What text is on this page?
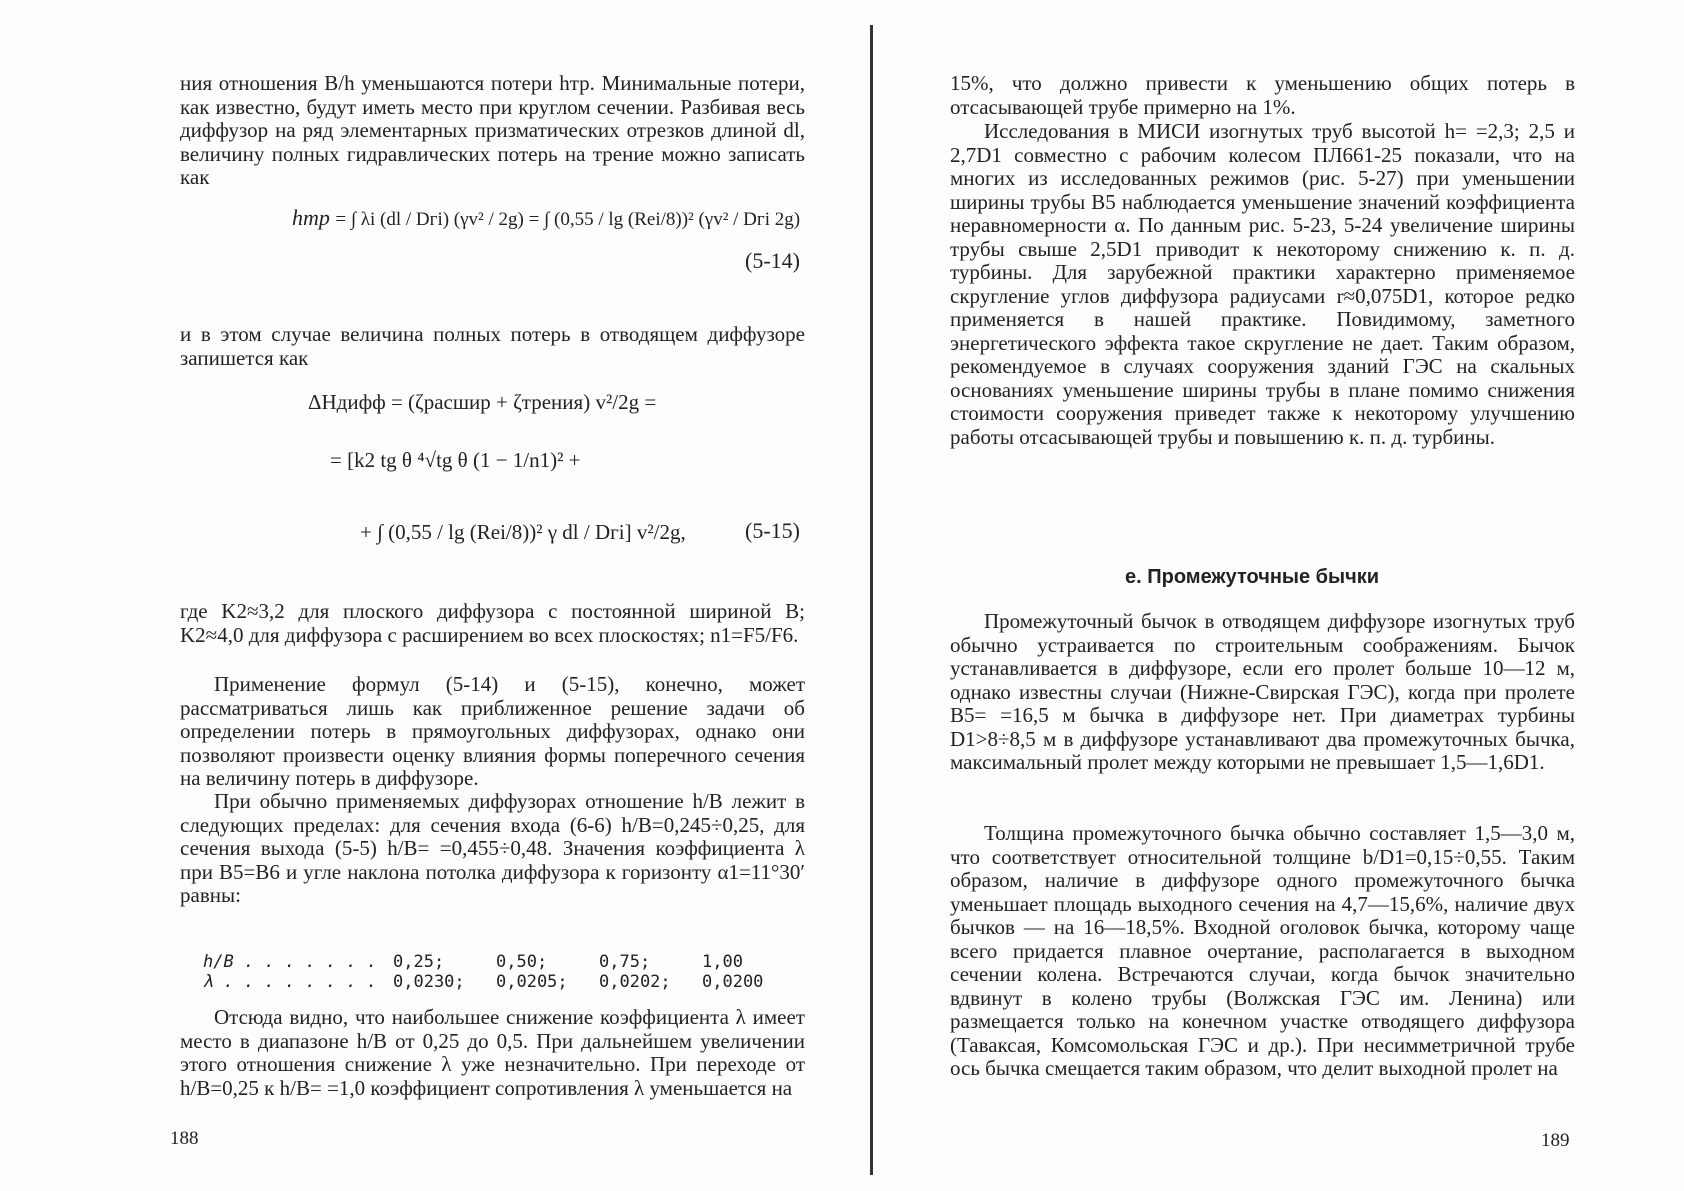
ния отношения B/h уменьшаются потери hтр. Минимальные потери, как известно, будут иметь место при круглом сечении. Разбивая весь диффузор на ряд элементарных призматических отрезков длиной dl, величину полных гидравлических потерь на трение можно записать как

hтр = ∫ λi (dl / Dгi) (γv² / 2g) = ∫ (0,55 / lg (Rei/8))² (γv² / Dгi 2g)
(5-14)

и в этом случае величина полных потерь в отводящем диффузоре запишется как

ΔHдифф = (ζрасшир + ζтрения) v²/2g =
= [k2 tg θ ⁴√tg θ (1 − 1/n1)² +
+ ∫ (0,55 / lg (Rei/8))² γ dl / Dгi] v²/2g,	(5-15)

где K2≈3,2 для плоского диффузора с постоянной шириной B; K2≈4,0 для диффузора с расширением во всех плоскостях; n1=F5/F6.

Применение формул (5-14) и (5-15), конечно, может рассматриваться лишь как приближенное решение задачи об определении потерь в прямоугольных диффузорах, однако они позволяют произвести оценку влияния формы поперечного сечения на величину потерь в диффузоре.

При обычно применяемых диффузорах отношение h/B лежит в следующих пределах: для сечения входа (6-6) h/B=0,245÷0,25, для сечения выхода (5-5) h/B= =0,455÷0,48. Значения коэффициента λ при B5=B6 и угле наклона потолка диффузора к горизонту α1=11°30′ равны:

h/B . . . . . . . 0,25;	0,50;	0,75;	1,00
λ . . . . . . . . 0,0230;	0,0205;	0,0202;	0,0200

Отсюда видно, что наибольшее снижение коэффициента λ имеет место в диапазоне h/B от 0,25 до 0,5. При дальнейшем увеличении этого отношения снижение λ уже незначительно. При переходе от h/B=0,25 к h/B= =1,0 коэффициент сопротивления λ уменьшается на

188

15%, что должно привести к уменьшению общих потерь в отсасывающей трубе примерно на 1%.

Исследования в МИСИ изогнутых труб высотой h= =2,3; 2,5 и 2,7D1 совместно с рабочим колесом ПЛ661-25 показали, что на многих из исследованных режимов (рис. 5-27) при уменьшении ширины трубы B5 наблюдается уменьшение значений коэффициента неравномерности α. По данным рис. 5-23, 5-24 увеличение ширины трубы свыше 2,5D1 приводит к некоторому снижению к. п. д. турбины. Для зарубежной практики характерно применяемое скругление углов диффузора радиусами r≈0,075D1, которое редко применяется в нашей практике. Повидимому, заметного энергетического эффекта такое скругление не дает. Таким образом, рекомендуемое в случаях сооружения зданий ГЭС на скальных основаниях уменьшение ширины трубы в плане помимо снижения стоимости сооружения приведет также к некоторому улучшению работы отсасывающей трубы и повышению к. п. д. турбины.

е. Промежуточные бычки

Промежуточный бычок в отводящем диффузоре изогнутых труб обычно устраивается по строительным соображениям. Бычок устанавливается в диффузоре, если его пролет больше 10—12 м, однако известны случаи (Нижне-Свирская ГЭС), когда при пролете B5= =16,5 м бычка в диффузоре нет. При диаметрах турбины D1>8÷8,5 м в диффузоре устанавливают два промежуточных бычка, максимальный пролет между которыми не превышает 1,5—1,6D1.

Толщина промежуточного бычка обычно составляет 1,5—3,0 м, что соответствует относительной толщине b/D1=0,15÷0,55. Таким образом, наличие в диффузоре одного промежуточного бычка уменьшает площадь выходного сечения на 4,7—15,6%, наличие двух бычков — на 16—18,5%. Входной оголовок бычка, которому чаще всего придается плавное очертание, располагается в выходном сечении колена. Встречаются случаи, когда бычок значительно вдвинут в колено трубы (Волжская ГЭС им. Ленина) или размещается только на конечном участке отводящего диффузора (Таваксая, Комсомольская ГЭС и др.). При несимметричной трубе ось бычка смещается таким образом, что делит выходной пролет на

189
